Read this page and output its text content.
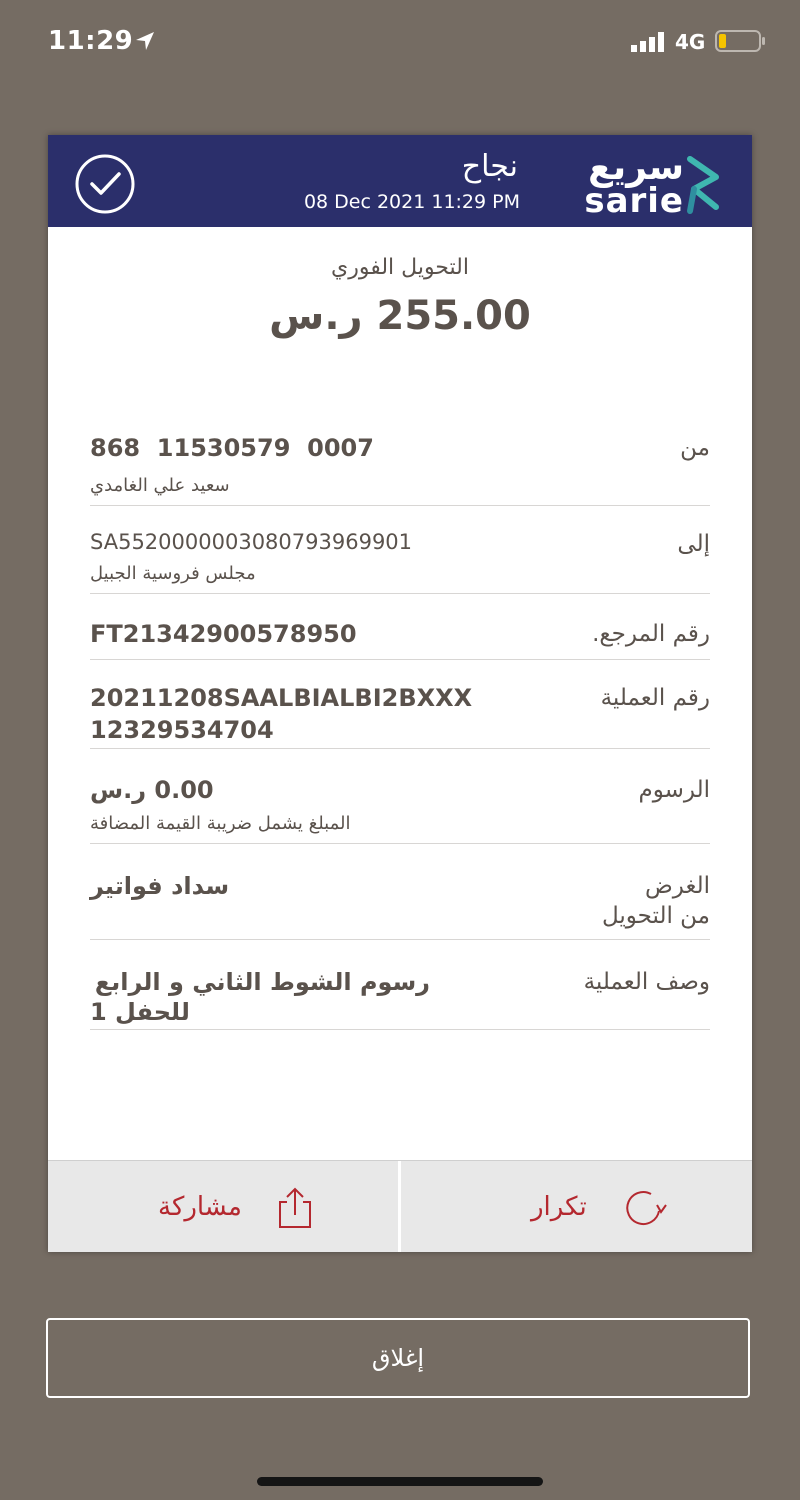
11:29	4G
نجاح
08 Dec 2021 11:29 PM
سريع
sarie
التحويل الفوري
255.00 ر.س
من
868  11530579  0007
سعيد علي الغامدي
إلى
SA5520000003080793969901
مجلس فروسية الجبيل
رقم المرجع.
FT21342900578950
رقم العملية
20211208SAALBIALBI2BXXX
12329534704
الرسوم
0.00 ر.س
المبلغ يشمل ضريبة القيمة المضافة
الغرض
من التحويل
سداد فواتير
وصف العملية
رسوم الشوط الثاني و الرابع
للحفل 1
مشاركة	تكرار
إغلاق
